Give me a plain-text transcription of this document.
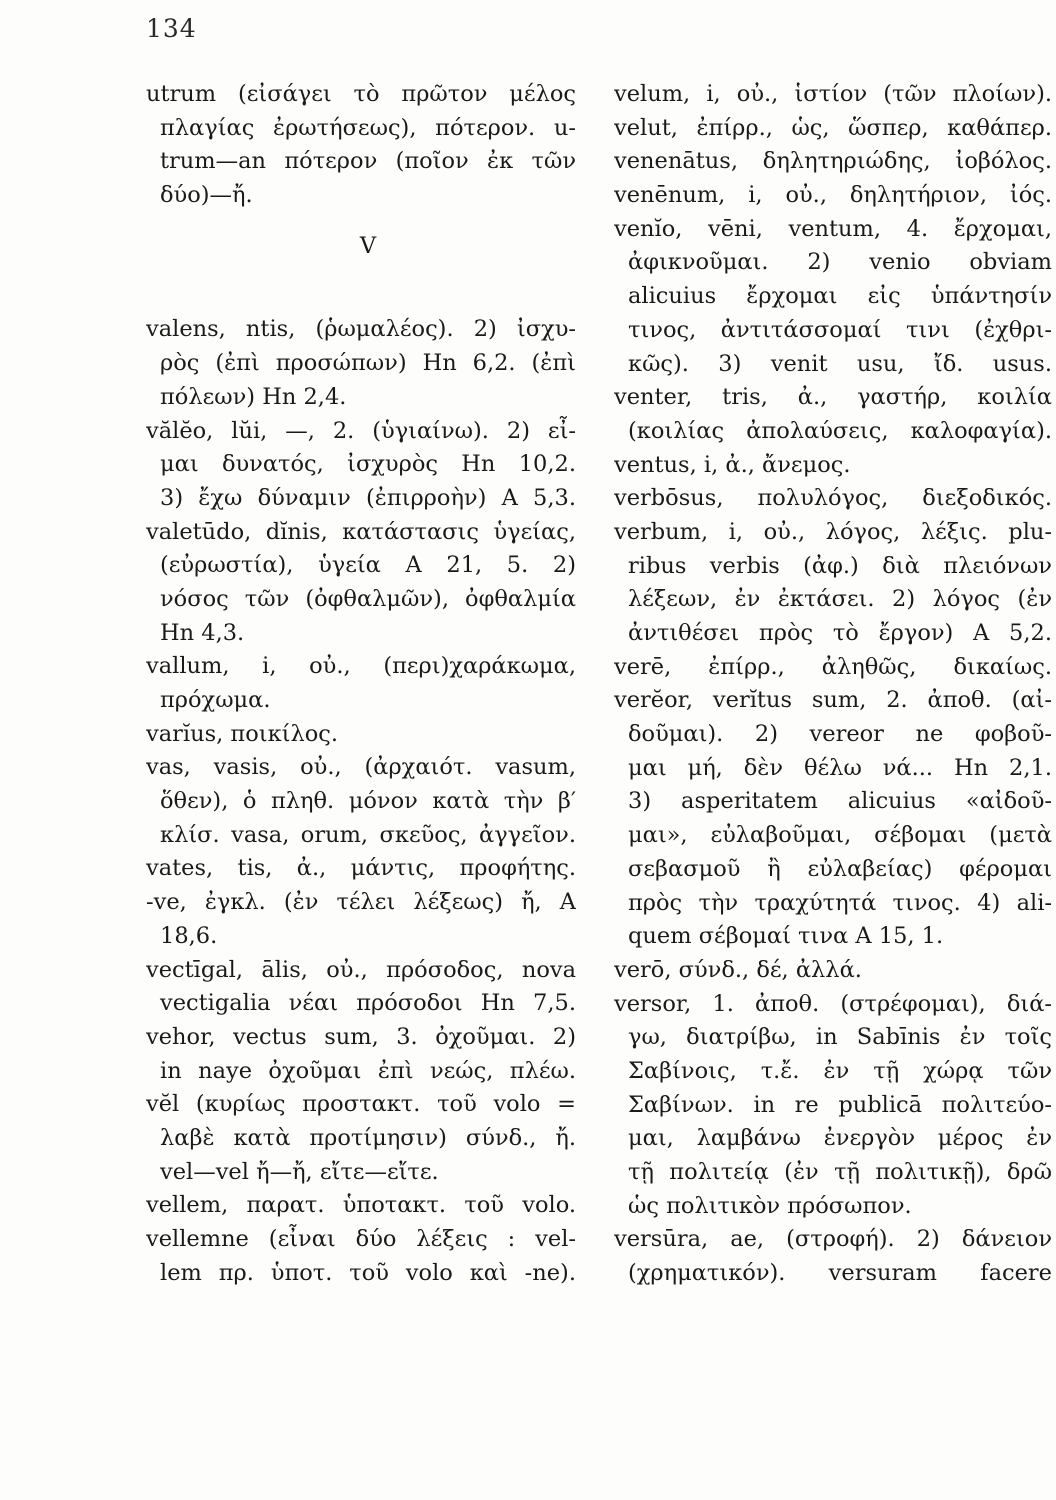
134
utrum (εἰσάγει τὸ πρῶτον μέλος
πλαγίας ἐρωτήσεως), πότερον. u-
trum—an πότερον (ποῖον ἐκ τῶν
δύο)—ἤ.
V
valens, ntis, (ῥωμαλέος). 2) ἰσχυ-
ρὸς (ἐπὶ προσώπων) Hn 6,2. (ἐπὶ
πόλεων) Hn 2,4.
vălĕo, lŭi, —, 2. (ὑγιαίνω). 2) εἶ-
μαι δυνατός, ἰσχυρὸς Hn 10,2.
3) ἔχω δύναμιν (ἐπιρροὴν) A 5,3.
valetūdo, dĭnis, κατάστασις ὑγείας,
(εὐρωστία), ὑγεία A 21, 5. 2)
νόσος τῶν (ὀφθαλμῶν), ὀφθαλμία
Hn 4,3.
vallum, i, οὐ., (περι)χαράκωμα,
πρόχωμα.
varĭus, ποικίλος.
vas, vasis, οὐ., (ἀρχαιότ. vasum,
ὅθεν), ὁ πληθ. μόνον κατὰ τὴν β′
κλίσ. vasa, orum, σκεῦος, ἀγγεῖον.
vates, tis, ἀ., μάντις, προφήτης.
-ve, ἐγκλ. (ἐν τέλει λέξεως) ἤ, A
18,6.
vectīgal, ālis, οὐ., πρόσοδος, nova
vectigalia νέαι πρόσοδοι Hn 7,5.
vehor, vectus sum, 3. ὀχοῦμαι. 2)
in naye ὀχοῦμαι ἐπὶ νεώς, πλέω.
vĕl (κυρίως προστακτ. τοῦ volo =
λαβὲ κατὰ προτίμησιν) σύνδ., ἤ.
vel—vel ἤ—ἤ, εἴτε—εἴτε.
vellem, παρατ. ὑποτακτ. τοῦ volo.
vellemne (εἶναι δύο λέξεις : vel-
lem πρ. ὑποτ. τοῦ volo καὶ -ne).
velum, i, οὐ., ἱστίον (τῶν πλοίων).
velut, ἐπίρρ., ὡς, ὥσπερ, καθάπερ.
venenātus, δηλητηριώδης, ἰοβόλος.
venēnum, i, οὐ., δηλητήριον, ἰός.
venĭo, vēni, ventum, 4. ἔρχομαι,
ἀφικνοῦμαι. 2) venio obviam
alicuius ἔρχομαι εἰς ὑπάντησίν
τινος, ἀντιτάσσομαί τινι (ἐχθρι-
κῶς). 3) venit usu, ἴδ. usus.
venter, tris, ἀ., γαστήρ, κοιλία
(κοιλίας ἀπολαύσεις, καλοφαγία).
ventus, i, ἀ., ἄνεμος.
verbōsus, πολυλόγος, διεξοδικός.
verbum, i, οὐ., λόγος, λέξις. plu-
ribus verbis (ἀφ.) διὰ πλειόνων
λέξεων, ἐν ἐκτάσει. 2) λόγος (ἐν
ἀντιθέσει πρὸς τὸ ἔργον) A 5,2.
verē, ἐπίρρ., ἀληθῶς, δικαίως.
verĕor, verĭtus sum, 2. ἀποθ. (αἰ-
δοῦμαι). 2) vereor ne φοβοῦ-
μαι μή, δὲν θέλω νά... Hn 2,1.
3) asperitatem alicuius «αἰδοῦ-
μαι», εὐλαβοῦμαι, σέβομαι (μετὰ
σεβασμοῦ ἢ εὐλαβείας) φέρομαι
πρὸς τὴν τραχύτητά τινος. 4) ali-
quem σέβομαί τινα A 15, 1.
verō, σύνδ., δέ, ἀλλά.
versor, 1. ἀποθ. (στρέφομαι), διά-
γω, διατρίβω, in Sabīnis ἐν τοῖς
Σαβίνοις, τ.ἔ. ἐν τῇ χώρᾳ τῶν
Σαβίνων. in re publicā πολιτεύο-
μαι, λαμβάνω ἐνεργὸν μέρος ἐν
τῇ πολιτείᾳ (ἐν τῇ πολιτικῇ), δρῶ
ὡς πολιτικὸν πρόσωπον.
versūra, ae, (στροφή). 2) δάνειον
(χρηματικόν). versuram facere
